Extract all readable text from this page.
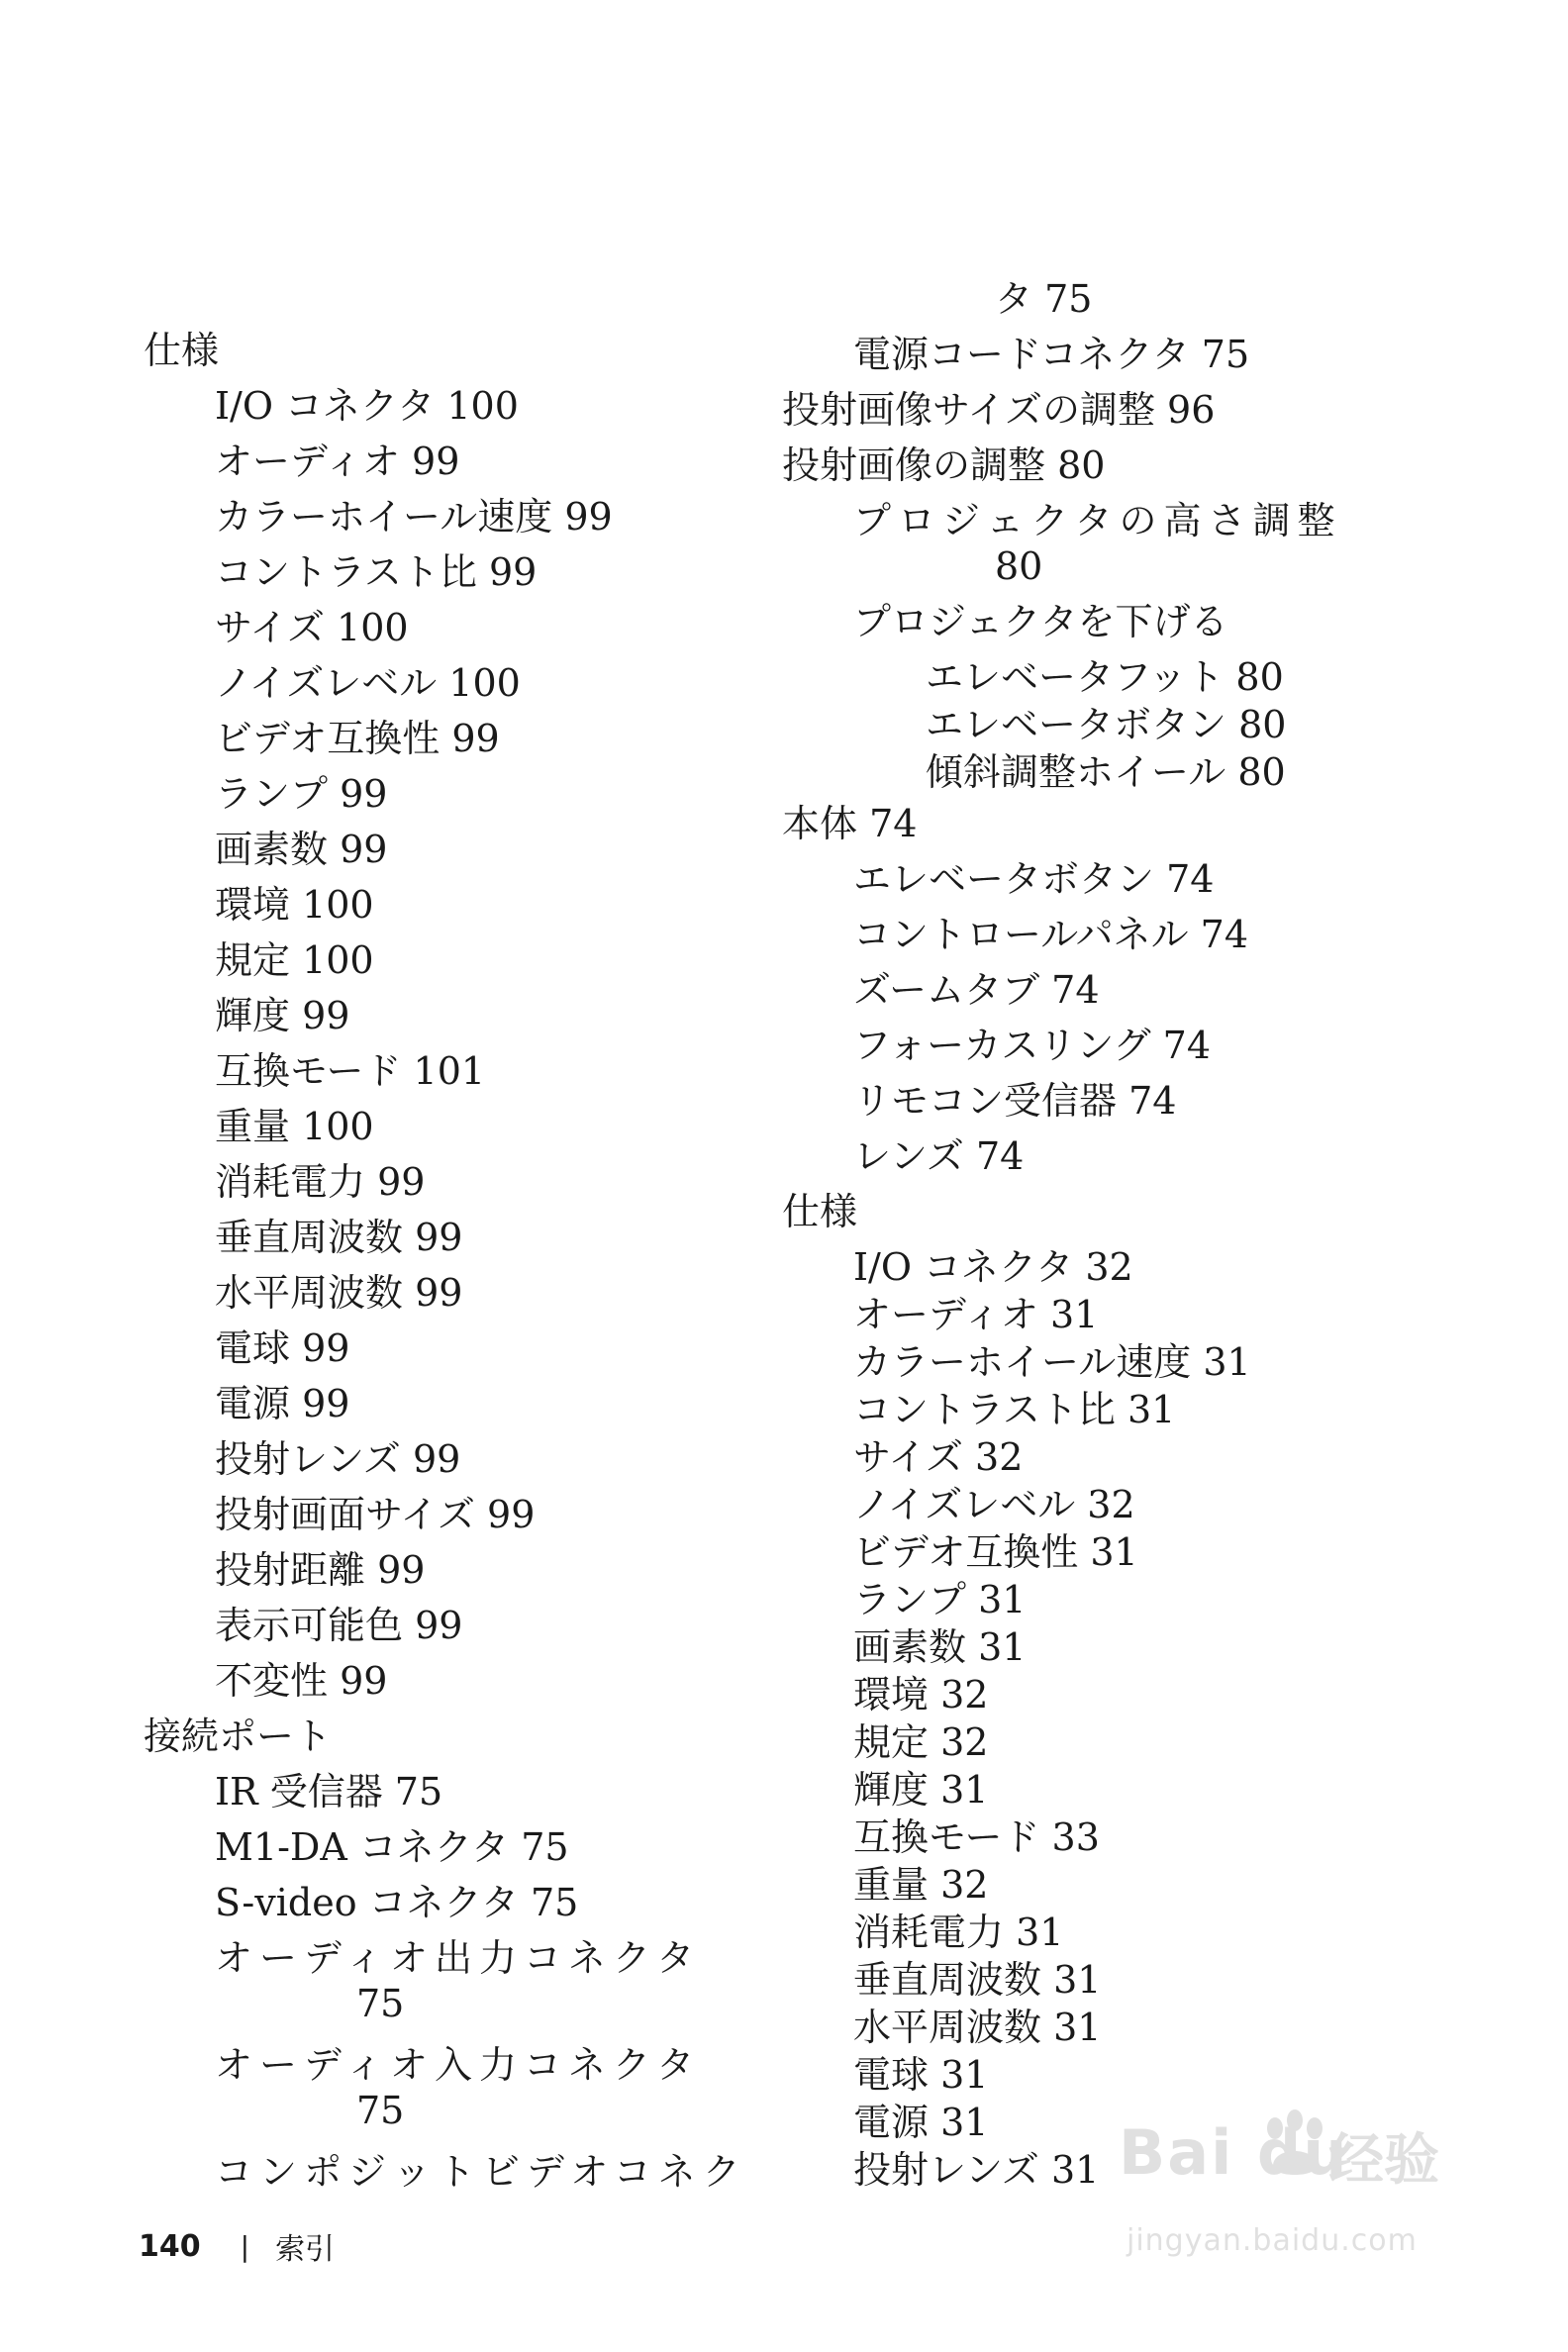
仕様
I/O コネクタ 100
オーディオ 99
カラーホイール速度 99
コントラスト比 99
サイズ 100
ノイズレベル 100
ビデオ互換性 99
ランプ 99
画素数 99
環境 100
規定 100
輝度 99
互換モード 101
重量 100
消耗電力 99
垂直周波数 99
水平周波数 99
電球 99
電源 99
投射レンズ 99
投射画面サイズ 99
投射距離 99
表示可能色 99
不変性 99
接続ポート
IR 受信器 75
M1-DA コネクタ 75
S-video コネクタ 75
オーディオ出力コネクタ
75
オーディオ入力コネクタ
75
コンポジットビデオコネク
タ 75
電源コードコネクタ 75
投射画像サイズの調整 96
投射画像の調整 80
プロジェクタの高さ調整
80
プロジェクタを下げる
エレベータフット 80
エレベータボタン 80
傾斜調整ホイール 80
本体 74
エレベータボタン 74
コントロールパネル 74
ズームタブ 74
フォーカスリング 74
リモコン受信器 74
レンズ 74
仕様
I/O コネクタ 32
オーディオ 31
カラーホイール速度 31
コントラスト比 31
サイズ 32
ノイズレベル 32
ビデオ互換性 31
ランプ 31
画素数 31
環境 32
規定 32
輝度 31
互換モード 33
重量 32
消耗電力 31
垂直周波数 31
水平周波数 31
電球 31
電源 31
投射レンズ 31
140 | 索引
Bai du
经验
jingyan.baidu.com
